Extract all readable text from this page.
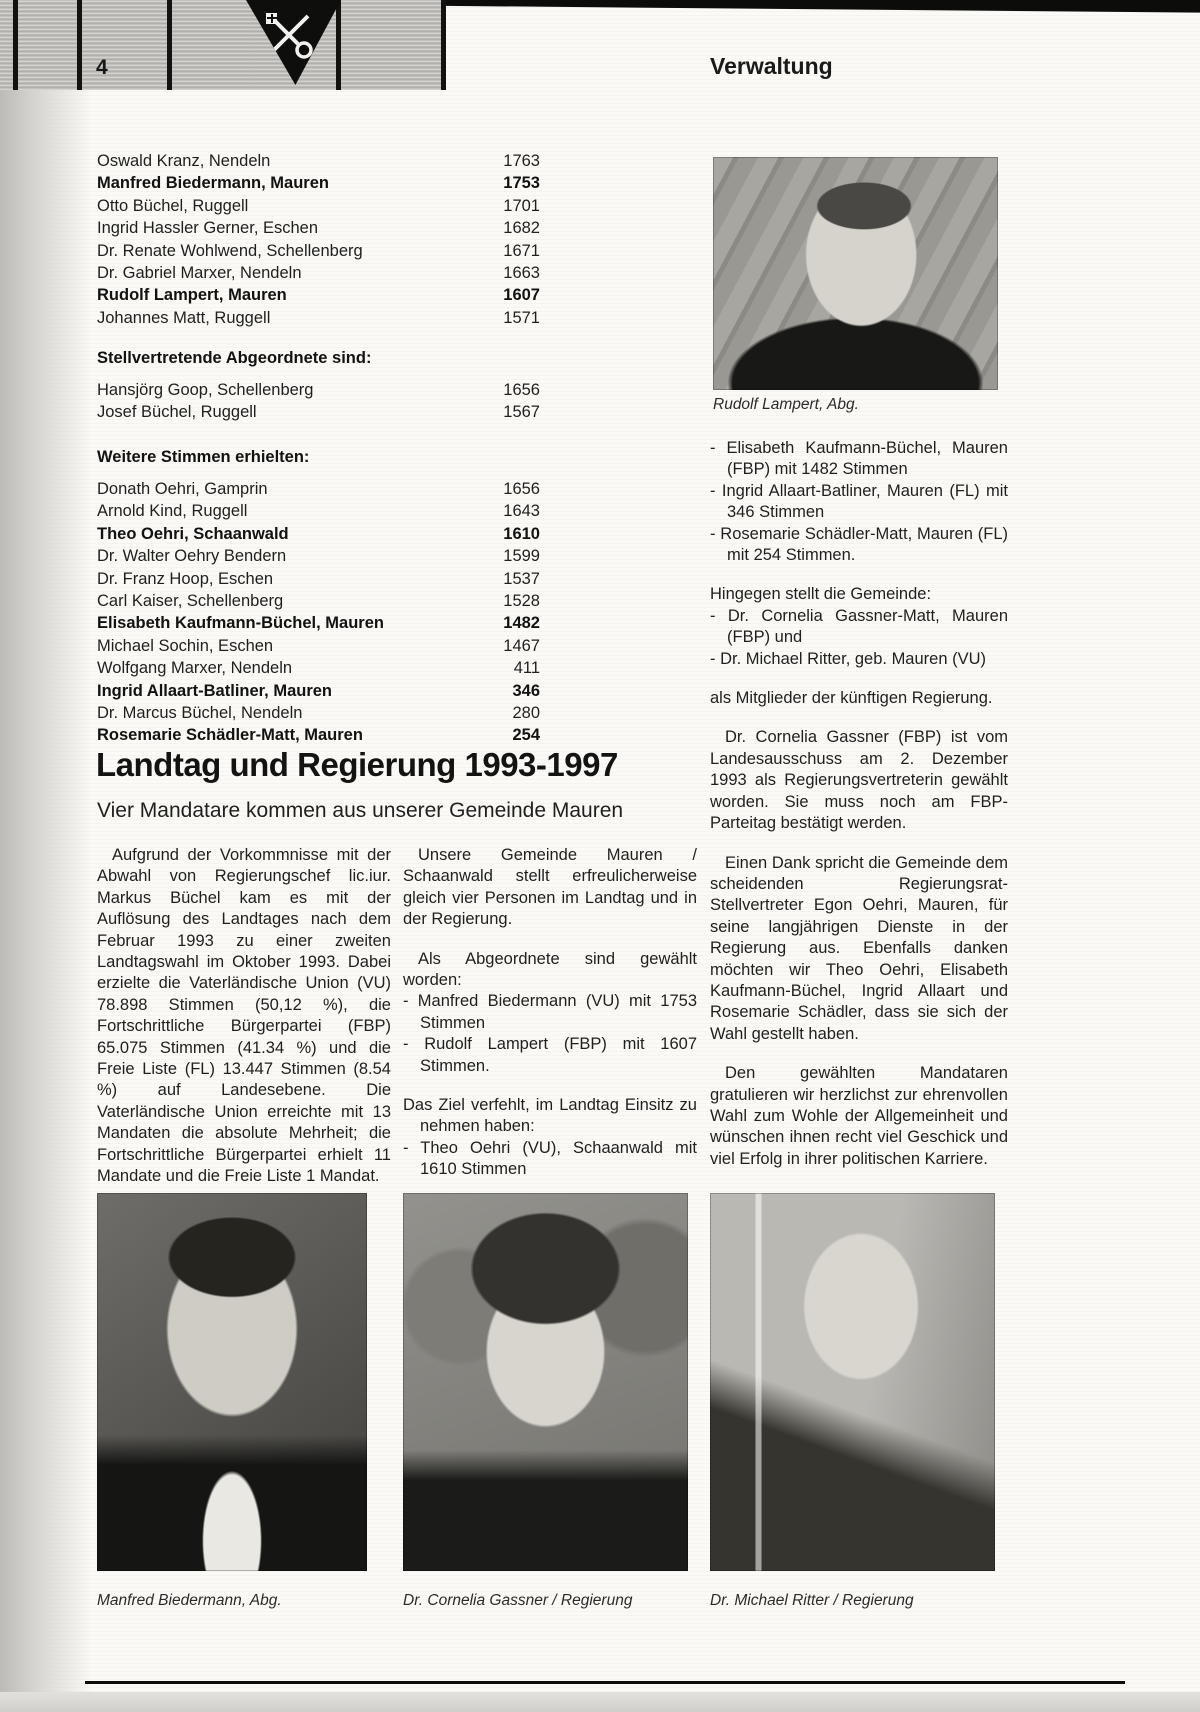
4	Verwaltung
Oswald Kranz, Nendeln	1763
Manfred Biedermann, Mauren	1753
Otto Büchel, Ruggell	1701
Ingrid Hassler Gerner, Eschen	1682
Dr. Renate Wohlwend, Schellenberg	1671
Dr. Gabriel Marxer, Nendeln	1663
Rudolf Lampert, Mauren	1607
Johannes Matt, Ruggell	1571
Stellvertretende Abgeordnete sind:
Hansjörg Goop, Schellenberg	1656
Josef Büchel, Ruggell	1567
Weitere Stimmen erhielten:
Donath Oehri, Gamprin	1656
Arnold Kind, Ruggell	1643
Theo Oehri, Schaanwald	1610
Dr. Walter Oehry Bendern	1599
Dr. Franz Hoop, Eschen	1537
Carl Kaiser, Schellenberg	1528
Elisabeth Kaufmann-Büchel, Mauren	1482
Michael Sochin, Eschen	1467
Wolfgang Marxer, Nendeln	411
Ingrid Allaart-Batliner, Mauren	346
Dr. Marcus Büchel, Nendeln	280
Rosemarie Schädler-Matt, Mauren	254
Landtag und Regierung 1993-1997
Vier Mandatare kommen aus unserer Gemeinde Mauren

Aufgrund der Vorkommnisse mit der Abwahl von Regierungschef lic.iur. Markus Büchel kam es mit der Auflösung des Landtages nach dem Februar 1993 zu einer zweiten Landtagswahl im Oktober 1993. Dabei erzielte die Vaterländische Union (VU) 78.898 Stimmen (50,12 %), die Fortschrittliche Bürgerpartei (FBP) 65.075 Stimmen (41.34 %) und die Freie Liste (FL) 13.447 Stimmen (8.54 %) auf Landesebene. Die Vaterländische Union erreichte mit 13 Mandaten die absolute Mehrheit; die Fortschrittliche Bürgerpartei erhielt 11 Mandate und die Freie Liste 1 Mandat.

Unsere Gemeinde Mauren / Schaanwald stellt erfreulicherweise gleich vier Personen im Landtag und in der Regierung.

Als Abgeordnete sind gewählt worden:

- Manfred Biedermann (VU) mit 1753 Stimmen

- Rudolf Lampert (FBP) mit 1607 Stimmen.

Das Ziel verfehlt, im Landtag Einsitz zu nehmen haben:

- Theo Oehri (VU), Schaanwald mit 1610 Stimmen

- Elisabeth Kaufmann-Büchel, Mauren (FBP) mit 1482 Stimmen

- Ingrid Allaart-Batliner, Mauren (FL) mit 346 Stimmen

- Rosemarie Schädler-Matt, Mauren (FL) mit 254 Stimmen.

Hingegen stellt die Gemeinde:

- Dr. Cornelia Gassner-Matt, Mauren (FBP) und

- Dr. Michael Ritter, geb. Mauren (VU)

als Mitglieder der künftigen Regierung.

Dr. Cornelia Gassner (FBP) ist vom Landesausschuss am 2. Dezember 1993 als Regierungsvertreterin gewählt worden. Sie muss noch am FBP-Parteitag bestätigt werden.

Einen Dank spricht die Gemeinde dem scheidenden Regierungsrat-Stellvertreter Egon Oehri, Mauren, für seine langjährigen Dienste in der Regierung aus. Ebenfalls danken möchten wir Theo Oehri, Elisabeth Kaufmann-Büchel, Ingrid Allaart und Rosemarie Schädler, dass sie sich der Wahl gestellt haben.

Den gewählten Mandataren gratulieren wir herzlichst zur ehrenvollen Wahl zum Wohle der Allgemeinheit und wünschen ihnen recht viel Geschick und viel Erfolg in ihrer politischen Karriere.

Rudolf Lampert, Abg.
Manfred Biedermann, Abg.	Dr. Cornelia Gassner / Regierung	Dr. Michael Ritter / Regierung
